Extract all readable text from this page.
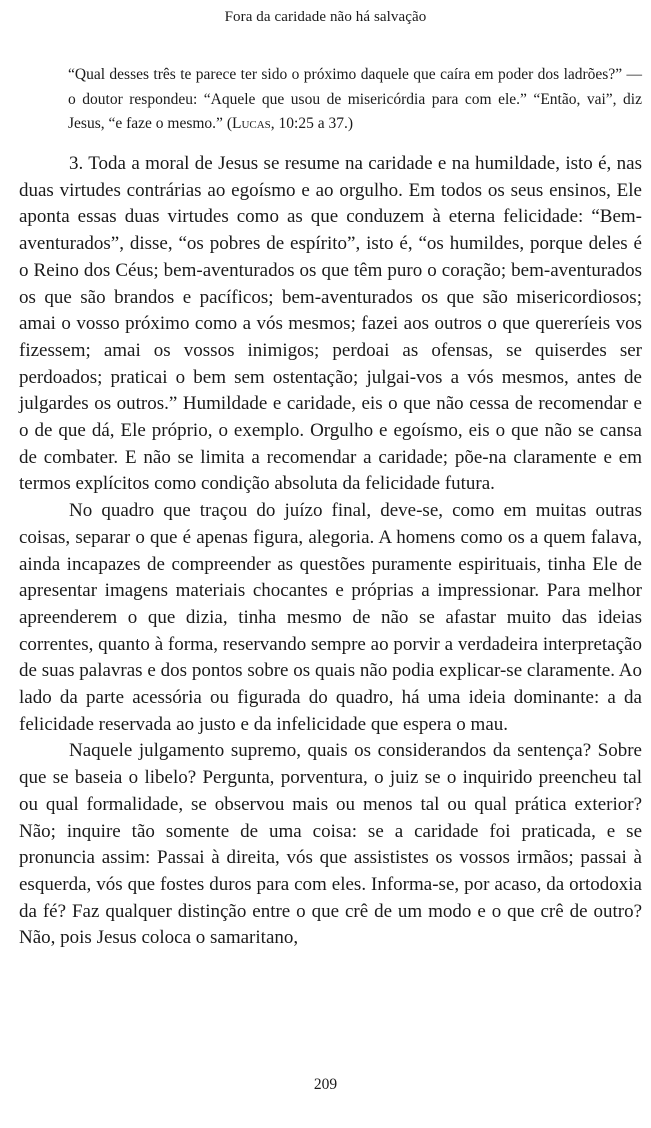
Fora da caridade não há salvação
“Qual desses três te parece ter sido o próximo daquele que caíra em poder dos ladrões?” — o doutor respondeu: “Aquele que usou de misericórdia para com ele.” “Então, vai”, diz Jesus, “e faze o mesmo.” (Lucas, 10:25 a 37.)

3. Toda a moral de Jesus se resume na caridade e na humildade, isto é, nas duas virtudes contrárias ao egoísmo e ao orgulho. Em todos os seus ensinos, Ele aponta essas duas virtudes como as que conduzem à eterna felicidade: “Bem-aventurados”, disse, “os pobres de espírito”, isto é, “os humildes, porque deles é o Reino dos Céus; bem-aventurados os que têm puro o coração; bem-aventurados os que são brandos e pacíficos; bem-aventurados os que são misericordiosos; amai o vosso próximo como a vós mesmos; fazei aos outros o que quereríeis vos fizessem; amai os vossos inimigos; perdoai as ofensas, se quiserdes ser perdoados; praticai o bem sem ostentação; julgai-vos a vós mesmos, antes de julgardes os outros.” Humildade e caridade, eis o que não cessa de recomendar e o de que dá, Ele próprio, o exemplo. Orgulho e egoísmo, eis o que não se cansa de combater. E não se limita a recomendar a caridade; põe-na claramente e em termos explícitos como condição absoluta da felicidade futura.

No quadro que traçou do juízo final, deve-se, como em muitas outras coisas, separar o que é apenas figura, alegoria. A homens como os a quem falava, ainda incapazes de compreender as questões puramente espirituais, tinha Ele de apresentar imagens materiais chocantes e próprias a impressionar. Para melhor apreenderem o que dizia, tinha mesmo de não se afastar muito das ideias correntes, quanto à forma, reservando sempre ao porvir a verdadeira interpretação de suas palavras e dos pontos sobre os quais não podia explicar-se claramente. Ao lado da parte acessória ou figurada do quadro, há uma ideia dominante: a da felicidade reservada ao justo e da infelicidade que espera o mau.

Naquele julgamento supremo, quais os considerandos da sentença? Sobre que se baseia o libelo? Pergunta, porventura, o juiz se o inquirido preencheu tal ou qual formalidade, se observou mais ou menos tal ou qual prática exterior? Não; inquire tão somente de uma coisa: se a caridade foi praticada, e se pronuncia assim: Passai à direita, vós que assististes os vossos irmãos; passai à esquerda, vós que fostes duros para com eles. Informa-se, por acaso, da ortodoxia da fé? Faz qualquer distinção entre o que crê de um modo e o que crê de outro? Não, pois Jesus coloca o samaritano,

209
